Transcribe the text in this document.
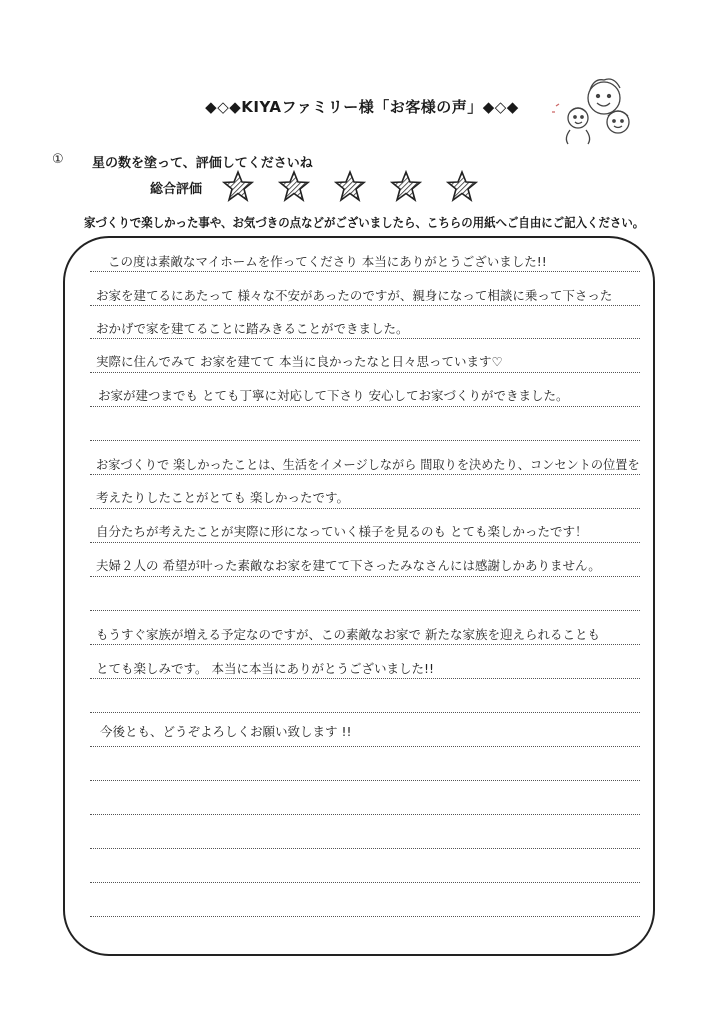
◆◇◆KIYAファミリー様「お客様の声」◆◇◆
① 星の数を塗って、評価してくださいね
総合評価
家づくりで楽しかった事や、お気づきの点などがございましたら、こちらの用紙へご自由にご記入ください。
この度は素敵なマイホームを作ってくださり 本当にありがとうございました!!
お家を建てるにあたって 様々な不安があったのですが、親身になって相談に乗って下さった
おかげで家を建てることに踏みきることができました。
実際に住んでみて お家を建てて 本当に良かったなと日々思っています♡
お家が建つまでも とても丁寧に対応して下さり 安心してお家づくりができました。
お家づくりで 楽しかったことは、生活をイメージしながら 間取りを決めたり、コンセントの位置を
考えたりしたことがとても 楽しかったです。
自分たちが考えたことが実際に形になっていく様子を見るのも とても楽しかったです！
夫婦２人の 希望が叶った素敵なお家を建てて下さったみなさんには感謝しかありません。
もうすぐ家族が増える予定なのですが、この素敵なお家で 新たな家族を迎えられることも
とても楽しみです。 本当に本当にありがとうございました!!
今後とも、どうぞよろしくお願い致します !!
